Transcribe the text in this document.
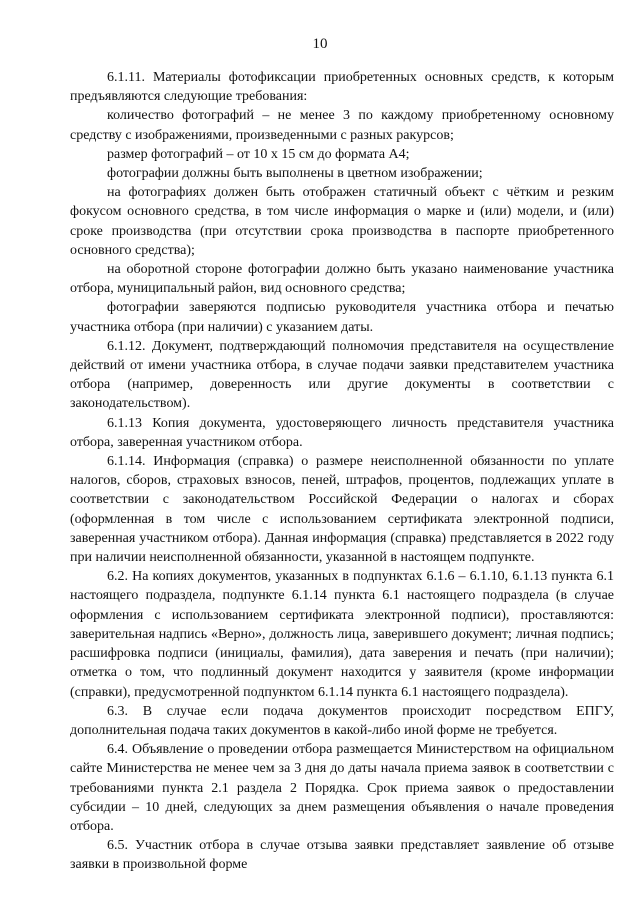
10

6.1.11. Материалы фотофиксации приобретенных основных средств, к которым предъявляются следующие требования:

количество фотографий – не менее 3 по каждому приобретенному основному средству с изображениями, произведенными с разных ракурсов;

размер фотографий – от 10 х 15 см до формата А4;

фотографии должны быть выполнены в цветном изображении;

на фотографиях должен быть отображен статичный объект с чётким и резким фокусом основного средства, в том числе информация о марке и (или) модели, и (или) сроке производства (при отсутствии срока производства в паспорте приобретенного основного средства);

на оборотной стороне фотографии должно быть указано наименование участника отбора, муниципальный район, вид основного средства;

фотографии заверяются подписью руководителя участника отбора и печатью участника отбора (при наличии) с указанием даты.

6.1.12. Документ, подтверждающий полномочия представителя на осуществление действий от имени участника отбора, в случае подачи заявки представителем участника отбора (например, доверенность или другие документы в соответствии с законодательством).

6.1.13 Копия документа, удостоверяющего личность представителя участника отбора, заверенная участником отбора.

6.1.14. Информация (справка) о размере неисполненной обязанности по уплате налогов, сборов, страховых взносов, пеней, штрафов, процентов, подлежащих уплате в соответствии с законодательством Российской Федерации о налогах и сборах (оформленная в том числе с использованием сертификата электронной подписи, заверенная участником отбора). Данная информация (справка) представляется в 2022 году при наличии неисполненной обязанности, указанной в настоящем подпункте.

6.2. На копиях документов, указанных в подпунктах 6.1.6 – 6.1.10, 6.1.13 пункта 6.1 настоящего подраздела, подпункте 6.1.14 пункта 6.1 настоящего подраздела (в случае оформления с использованием сертификата электронной подписи), проставляются: заверительная надпись «Верно», должность лица, заверившего документ; личная подпись; расшифровка подписи (инициалы, фамилия), дата заверения и печать (при наличии); отметка о том, что подлинный документ находится у заявителя (кроме информации (справки), предусмотренной подпунктом 6.1.14 пункта 6.1 настоящего подраздела).

6.3. В случае если подача документов происходит посредством ЕПГУ, дополнительная подача таких документов в какой-либо иной форме не требуется.

6.4. Объявление о проведении отбора размещается Министерством на официальном сайте Министерства не менее чем за 3 дня до даты начала приема заявок в соответствии с требованиями пункта 2.1 раздела 2 Порядка. Срок приема заявок о предоставлении субсидии – 10 дней, следующих за днем размещения объявления о начале проведения отбора.

6.5. Участник отбора в случае отзыва заявки представляет заявление об отзыве заявки в произвольной форме
